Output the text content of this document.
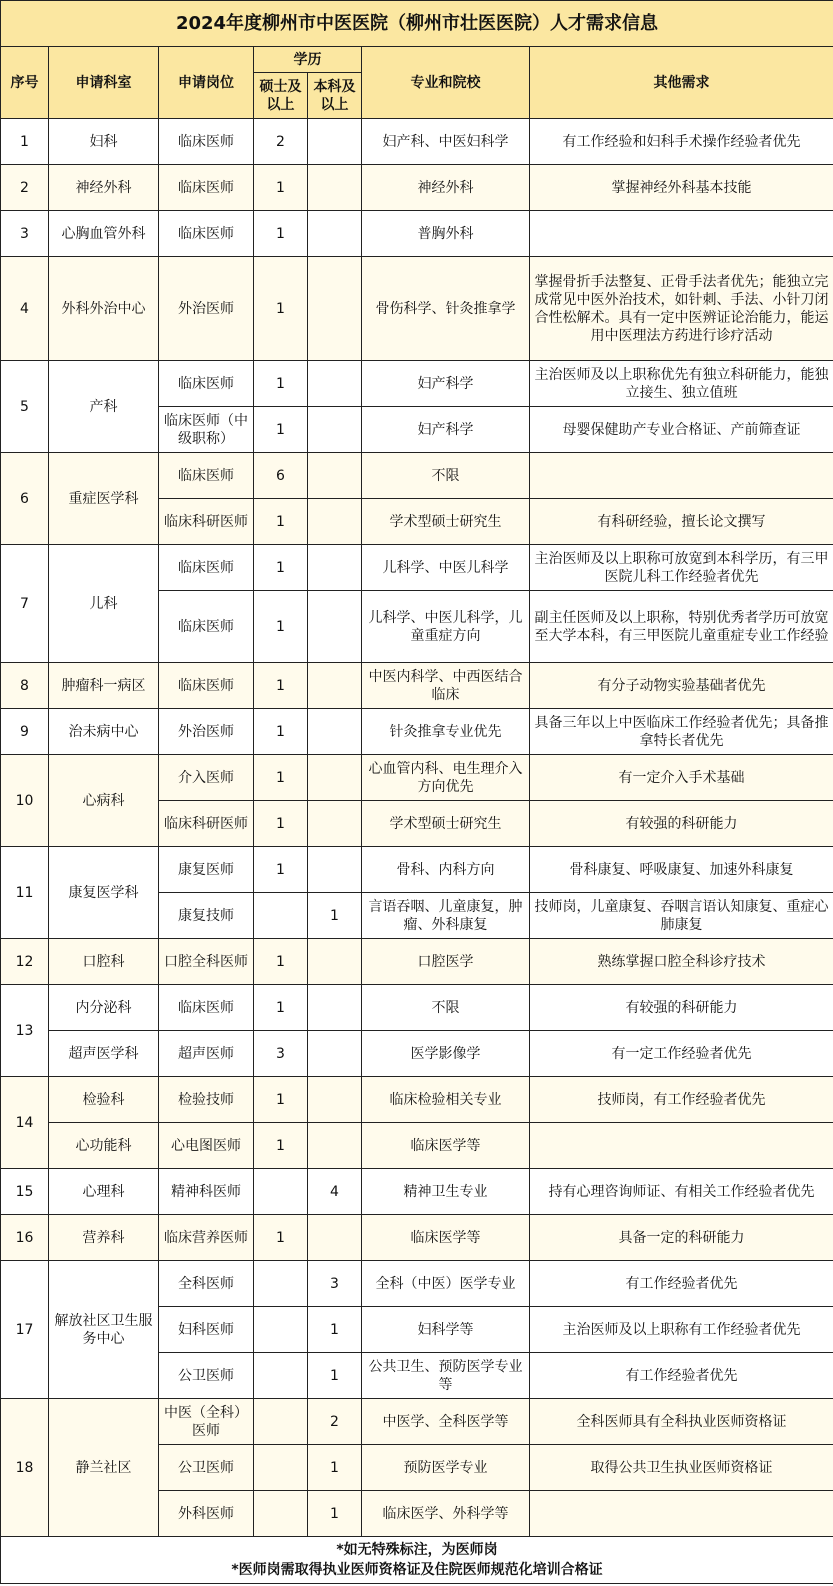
2024年度柳州市中医医院（柳州市壮医医院）人才需求信息						
序号	申请科室	申请岗位	学历		专业和院校	其他需求
			硕士及以上	本科及以上		
1	妇科	临床医师	2		妇产科、中医妇科学	有工作经验和妇科手术操作经验者优先
2	神经外科	临床医师	1		神经外科	掌握神经外科基本技能
3	心胸血管外科	临床医师	1		普胸外科	
4	外科外治中心	外治医师	1		骨伤科学、针灸推拿学	掌握骨折手法整复、正骨手法者优先；能独立完成常见中医外治技术，如针刺、手法、小针刀闭合性松解术。具有一定中医辨证论治能力，能运用中医理法方药进行诊疗活动
5	产科	临床医师	1		妇产科学	主治医师及以上职称优先有独立科研能力，能独立接生、独立值班
		临床医师（中级职称）	1		妇产科学	母婴保健助产专业合格证、产前筛查证
6	重症医学科	临床医师	6		不限	
		临床科研医师	1		学术型硕士研究生	有科研经验，擅长论文撰写
7	儿科	临床医师	1		儿科学、中医儿科学	主治医师及以上职称可放宽到本科学历，有三甲医院儿科工作经验者优先
		临床医师	1		儿科学、中医儿科学，儿童重症方向	副主任医师及以上职称，特别优秀者学历可放宽至大学本科，有三甲医院儿童重症专业工作经验
8	肿瘤科一病区	临床医师	1		中医内科学、中西医结合临床	有分子动物实验基础者优先
9	治未病中心	外治医师	1		针灸推拿专业优先	具备三年以上中医临床工作经验者优先；具备推拿特长者优先
10	心病科	介入医师	1		心血管内科、电生理介入方向优先	有一定介入手术基础
		临床科研医师	1		学术型硕士研究生	有较强的科研能力
11	康复医学科	康复医师	1		骨科、内科方向	骨科康复、呼吸康复、加速外科康复
		康复技师		1	言语吞咽、儿童康复，肿瘤、外科康复	技师岗，儿童康复、吞咽言语认知康复、重症心肺康复
12	口腔科	口腔全科医师	1		口腔医学	熟练掌握口腔全科诊疗技术
13	内分泌科	临床医师	1		不限	有较强的科研能力
	超声医学科	超声医师	3		医学影像学	有一定工作经验者优先
14	检验科	检验技师	1		临床检验相关专业	技师岗，有工作经验者优先
	心功能科	心电图医师	1		临床医学等	
15	心理科	精神科医师		4	精神卫生专业	持有心理咨询师证、有相关工作经验者优先
16	营养科	临床营养医师	1		临床医学等	具备一定的科研能力
17	解放社区卫生服务中心	全科医师		3	全科（中医）医学专业	有工作经验者优先
		妇科医师		1	妇科学等	主治医师及以上职称有工作经验者优先
		公卫医师		1	公共卫生、预防医学专业等	有工作经验者优先
18	静兰社区	中医（全科）医师		2	中医学、全科医学等	全科医师具有全科执业医师资格证
		公卫医师		1	预防医学专业	取得公共卫生执业医师资格证
		外科医师		1	临床医学、外科学等	

*如无特殊标注，为医师岗
*医师岗需取得执业医师资格证及住院医师规范化培训合格证						
